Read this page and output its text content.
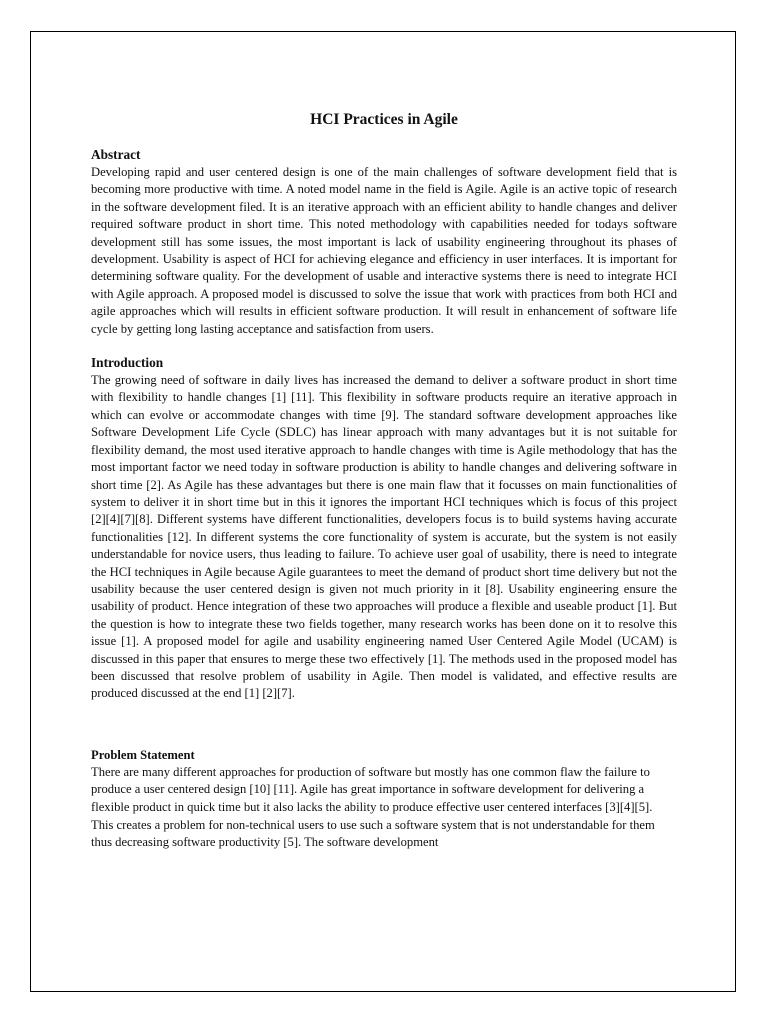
HCI Practices in Agile
Abstract

Developing rapid and user centered design is one of the main challenges of software development field that is becoming more productive with time. A noted model name in the field is Agile. Agile is an active topic of research in the software development filed. It is an iterative approach with an efficient ability to handle changes and deliver required software product in short time. This noted methodology with capabilities needed for todays software development still has some issues, the most important is lack of usability engineering throughout its phases of development. Usability is aspect of HCI for achieving elegance and efficiency in user interfaces. It is important for determining software quality. For the development of usable and interactive systems there is need to integrate HCI with Agile approach. A proposed model is discussed to solve the issue that work with practices from both HCI and agile approaches which will results in efficient software production. It will result in enhancement of software life cycle by getting long lasting acceptance and satisfaction from users.

Introduction

The growing need of software in daily lives has increased the demand to deliver a software product in short time with flexibility to handle changes [1] [11]. This flexibility in software products require an iterative approach in which can evolve or accommodate changes with time [9]. The standard software development approaches like Software Development Life Cycle (SDLC) has linear approach with many advantages but it is not suitable for flexibility demand, the most used iterative approach to handle changes with time is Agile methodology that has the most important factor we need today in software production is ability to handle changes and delivering software in short time [2]. As Agile has these advantages but there is one main flaw that it focusses on main functionalities of system to deliver it in short time but in this it ignores the important HCI techniques which is focus of this project [2][4][7][8]. Different systems have different functionalities, developers focus is to build systems having accurate functionalities [12]. In different systems the core functionality of system is accurate, but the system is not easily understandable for novice users, thus leading to failure. To achieve user goal of usability, there is need to integrate the HCI techniques in Agile because Agile guarantees to meet the demand of product short time delivery but not the usability because the user centered design is given not much priority in it [8]. Usability engineering ensure the usability of product. Hence integration of these two approaches will produce a flexible and useable product [1]. But the question is how to integrate these two fields together, many research works has been done on it to resolve this issue [1]. A proposed model for agile and usability engineering named User Centered Agile Model (UCAM) is discussed in this paper that ensures to merge these two effectively [1]. The methods used in the proposed model has been discussed that resolve problem of usability in Agile. Then model is validated, and effective results are produced discussed at the end [1] [2][7].

Problem Statement

There are many different approaches for production of software but mostly has one common flaw the failure to produce a user centered design [10] [11]. Agile has great importance in software development for delivering a flexible product in quick time but it also lacks the ability to produce effective user centered interfaces [3][4][5]. This creates a problem for non-technical users to use such a software system that is not understandable for them thus decreasing software productivity [5]. The software development
